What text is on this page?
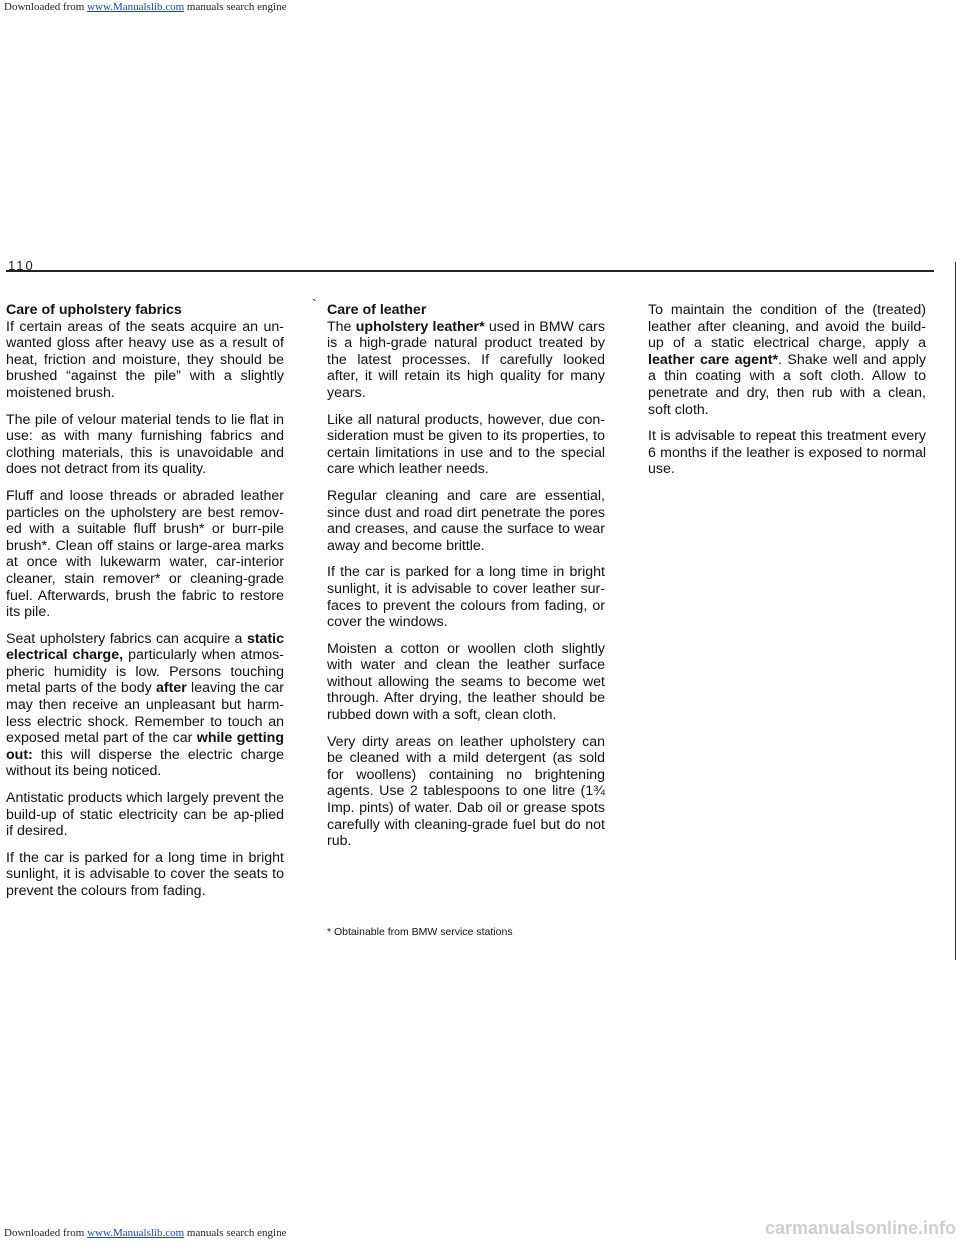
Downloaded from www.Manualslib.com manuals search engine
110
Care of upholstery fabrics

If certain areas of the seats acquire an un-wanted gloss after heavy use as a result of heat, friction and moisture, they should be brushed “against the pile” with a slightly moistened brush.

The pile of velour material tends to lie flat in use: as with many furnishing fabrics and clothing materials, this is unavoidable and does not detract from its quality.

Fluff and loose threads or abraded leather particles on the upholstery are best remov-ed with a suitable fluff brush* or burr-pile brush*. Clean off stains or large-area marks at once with lukewarm water, car-interior cleaner, stain remover* or cleaning-grade fuel. Afterwards, brush the fabric to restore its pile.

Seat upholstery fabrics can acquire a static electrical charge, particularly when atmos-pheric humidity is low. Persons touching metal parts of the body after leaving the car may then receive an unpleasant but harm-less electric shock. Remember to touch an exposed metal part of the car while getting out: this will disperse the electric charge without its being noticed.

Antistatic products which largely prevent the build-up of static electricity can be ap-plied if desired.

If the car is parked for a long time in bright sunlight, it is advisable to cover the seats to prevent the colours from fading.

` Care of leather

The upholstery leather* used in BMW cars is a high-grade natural product treated by the latest processes. If carefully looked after, it will retain its high quality for many years.

Like all natural products, however, due con-sideration must be given to its properties, to certain limitations in use and to the special care which leather needs.

Regular cleaning and care are essential, since dust and road dirt penetrate the pores and creases, and cause the surface to wear away and become brittle.

If the car is parked for a long time in bright sunlight, it is advisable to cover leather sur-faces to prevent the colours from fading, or cover the windows.

Moisten a cotton or woollen cloth slightly with water and clean the leather surface without allowing the seams to become wet through. After drying, the leather should be rubbed down with a soft, clean cloth.

Very dirty areas on leather upholstery can be cleaned with a mild detergent (as sold for woollens) containing no brightening agents. Use 2 tablespoons to one litre (1¾ Imp. pints) of water. Dab oil or grease spots carefully with cleaning-grade fuel but do not rub.

To maintain the condition of the (treated) leather after cleaning, and avoid the build-up of a static electrical charge, apply a leather care agent*. Shake well and apply a thin coating with a soft cloth. Allow to penetrate and dry, then rub with a clean, soft cloth.

It is advisable to repeat this treatment every 6 months if the leather is exposed to normal use.

* Obtainable from BMW service stations
Downloaded from www.Manualslib.com manuals search engine	carmanualsonline.info
